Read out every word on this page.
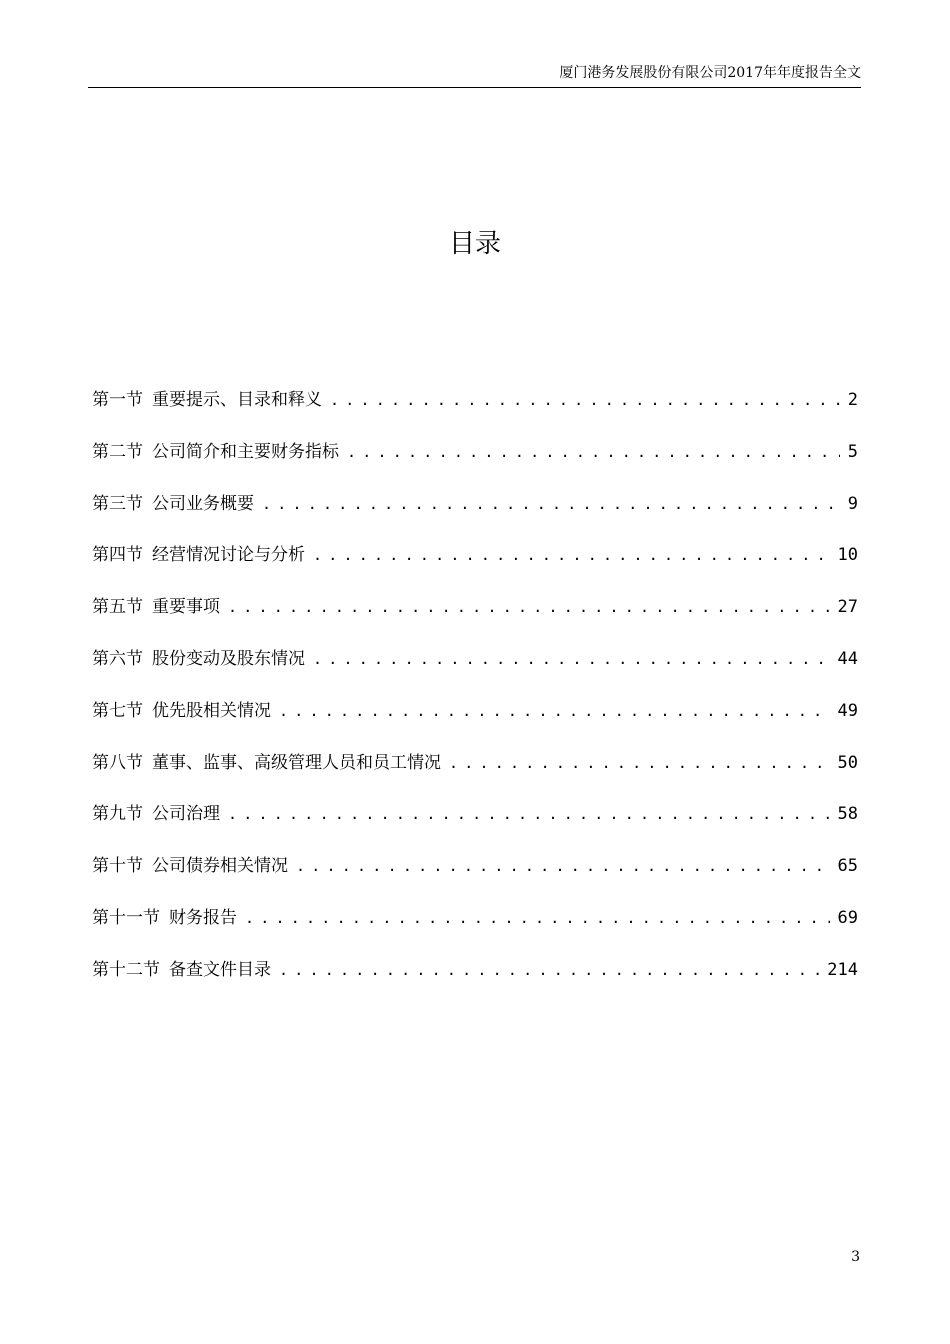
厦门港务发展股份有限公司2017年年度报告全文
目录
第一节 重要提示、目录和释义 . . .	2
第二节 公司简介和主要财务指标 . . .	5
第三节 公司业务概要 . . .	9
第四节 经营情况讨论与分析 . . .	10
第五节 重要事项 . . .	27
第六节 股份变动及股东情况 . . .	44
第七节 优先股相关情况 . . .	49
第八节 董事、监事、高级管理人员和员工情况 . . .	50
第九节 公司治理 . . .	58
第十节 公司债券相关情况 . . .	65
第十一节 财务报告 . . .	69
第十二节 备查文件目录 . . .	214
3
